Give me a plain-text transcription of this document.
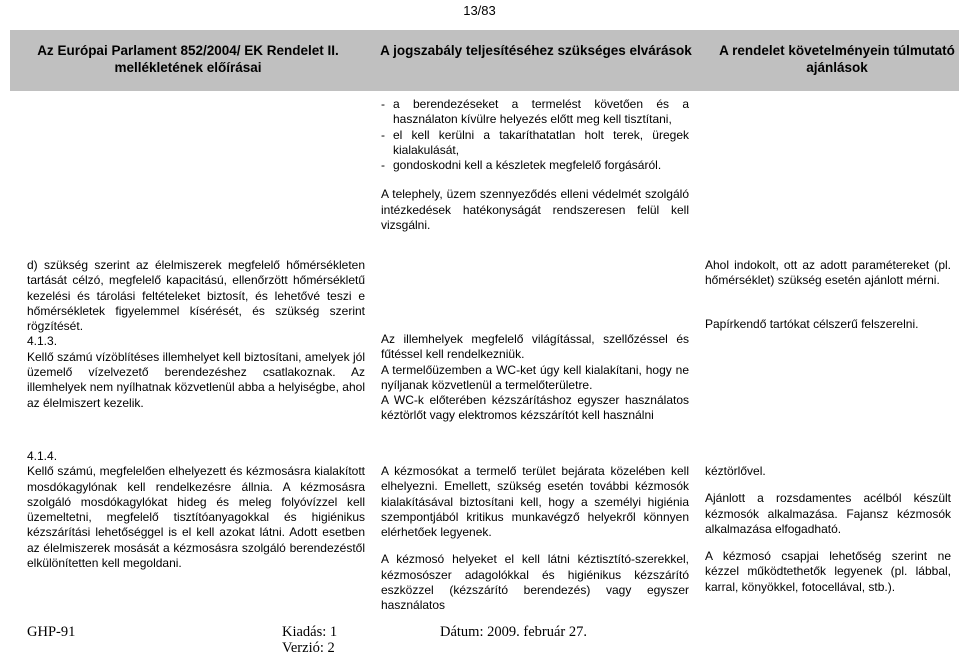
13/83
Az Európai Parlament 852/2004/ EK Rendelet II. mellékletének előírásai
A jogszabály teljesítéséhez szükséges elvárások	A rendelet követelményein túlmutató ajánlások
- a berendezéseket a termelést követően és a használaton kívülre helyezés előtt meg kell tisztítani,
- el kell kerülni a takaríthatatlan holt terek, üregek kialakulását,
- gondoskodni kell a készletek megfelelő forgásáról.

A telephely, üzem szennyeződés elleni védelmét szolgáló intézkedések hatékonyságát rendszeresen felül kell vizsgálni.

d) szükség szerint az élelmiszerek megfelelő hőmérsékleten tartását célzó, megfelelő kapacitású, ellenőrzött hőmérsékletű kezelési és tárolási feltételeket biztosít, és lehetővé teszi e hőmérsékletek figyelemmel kísérését, és szükség szerint rögzítését.

4.1.3.

Kellő számú vízöblítéses illemhelyet kell biztosítani, amelyek jól üzemelő vízelvezető berendezéshez csatlakoznak. Az illemhelyek nem nyílhatnak közvetlenül abba a helyiségbe, ahol az élelmiszert kezelik.

Az illemhelyek megfelelő világítással, szellőzéssel és fűtéssel kell rendelkezniük.

A termelőüzemben a WC-ket úgy kell kialakítani, hogy ne nyíljanak közvetlenül a termelőterületre.

A WC-k előterében kézszárításhoz egyszer használatos kéztörlőt vagy elektromos kézszárítót kell használni

Ahol indokolt, ott az adott paramétereket (pl. hőmérséklet) szükség esetén ajánlott mérni.

Papírkendő tartókat célszerű felszerelni.

4.1.4.

Kellő számú, megfelelően elhelyezett és kézmosásra kialakított mosdókagylónak kell rendelkezésre állnia. A kézmosásra szolgáló mosdókagylókat hideg és meleg folyóvízzel kell üzemeltetni, megfelelő tisztítóanyagokkal és higiénikus kézszárítási lehetőséggel is el kell azokat látni. Adott esetben az élelmiszerek mosását a kézmosásra szolgáló berendezéstől elkülönítetten kell megoldani.

A kézmosókat a termelő terület bejárata közelében kell elhelyezni. Emellett, szükség esetén további kézmosók kialakításával biztosítani kell, hogy a személyi higiénia szempontjából kritikus munkavégző helyekről könnyen elérhetőek legyenek.

A kézmosó helyeket el kell látni kéztisztító-szerekkel, kézmosószer adagolókkal és higiénikus kézszárító eszközzel (kézszárító berendezés) vagy egyszer használatos

kéztörlővel.

Ajánlott a rozsdamentes acélból készült kézmosók alkalmazása. Fajansz kézmosók alkalmazása elfogadható.

A kézmosó csapjai lehetőség szerint ne kézzel működtethetők legyenek (pl. lábbal, karral, könyökkel, fotocellával, stb.).

GHP-91	Kiadás: 1
Verzió: 2
Dátum: 2009. február 27.
